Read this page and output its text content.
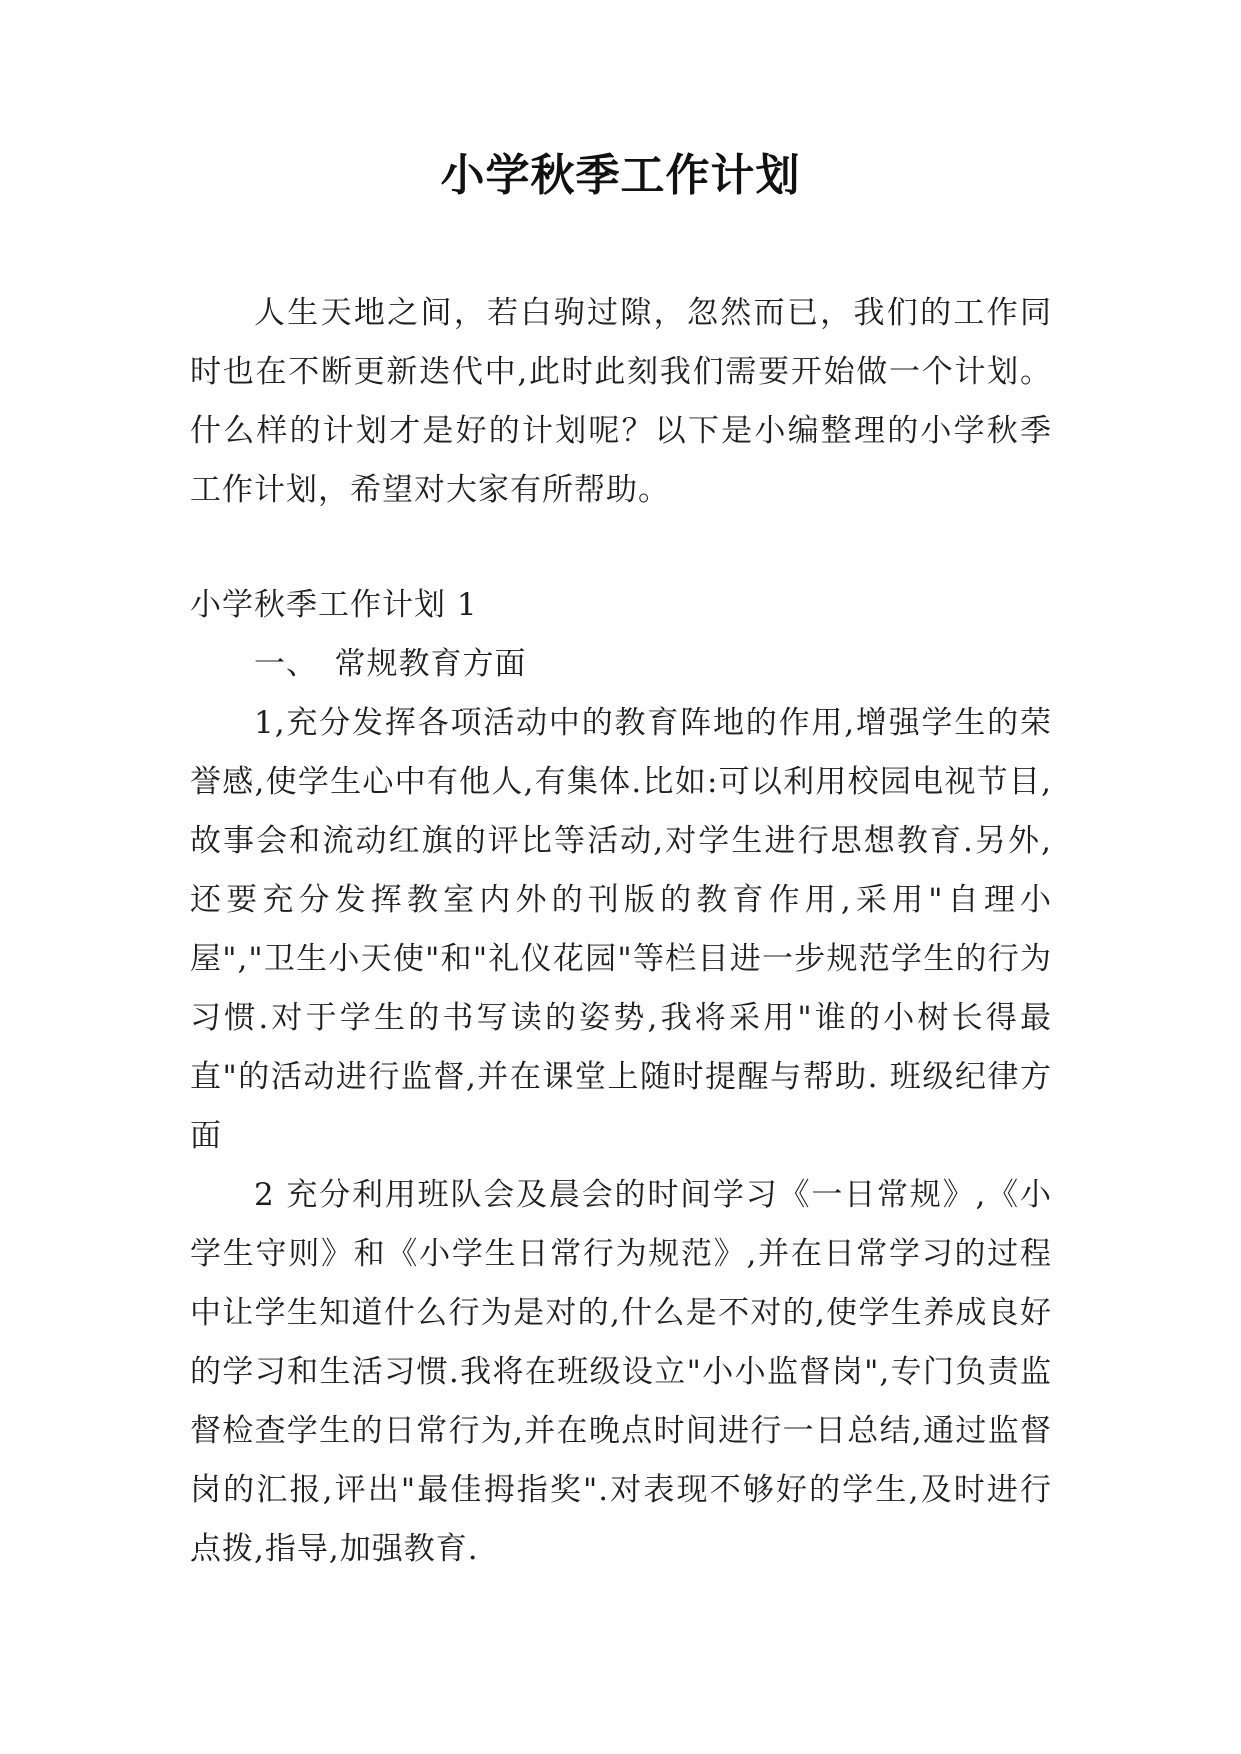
小学秋季工作计划
人生天地之间，若白驹过隙，忽然而已，我们的工作同时也在不断更新迭代中,此时此刻我们需要开始做一个计划。什么样的计划才是好的计划呢？以下是小编整理的小学秋季工作计划，希望对大家有所帮助。
小学秋季工作计划 1
一、　常规教育方面
1,充分发挥各项活动中的教育阵地的作用,增强学生的荣誉感,使学生心中有他人,有集体.比如:可以利用校园电视节目,故事会和流动红旗的评比等活动,对学生进行思想教育.另外,还要充分发挥教室内外的刊版的教育作用,采用"自理小屋","卫生小天使"和"礼仪花园"等栏目进一步规范学生的行为习惯.对于学生的书写读的姿势,我将采用"谁的小树长得最直"的活动进行监督,并在课堂上随时提醒与帮助. 班级纪律方面
2 充分利用班队会及晨会的时间学习《一日常规》,《小学生守则》和《小学生日常行为规范》,并在日常学习的过程中让学生知道什么行为是对的,什么是不对的,使学生养成良好的学习和生活习惯.我将在班级设立"小小监督岗",专门负责监督检查学生的日常行为,并在晚点时间进行一日总结,通过监督岗的汇报,评出"最佳拇指奖".对表现不够好的学生,及时进行点拨,指导,加强教育.
